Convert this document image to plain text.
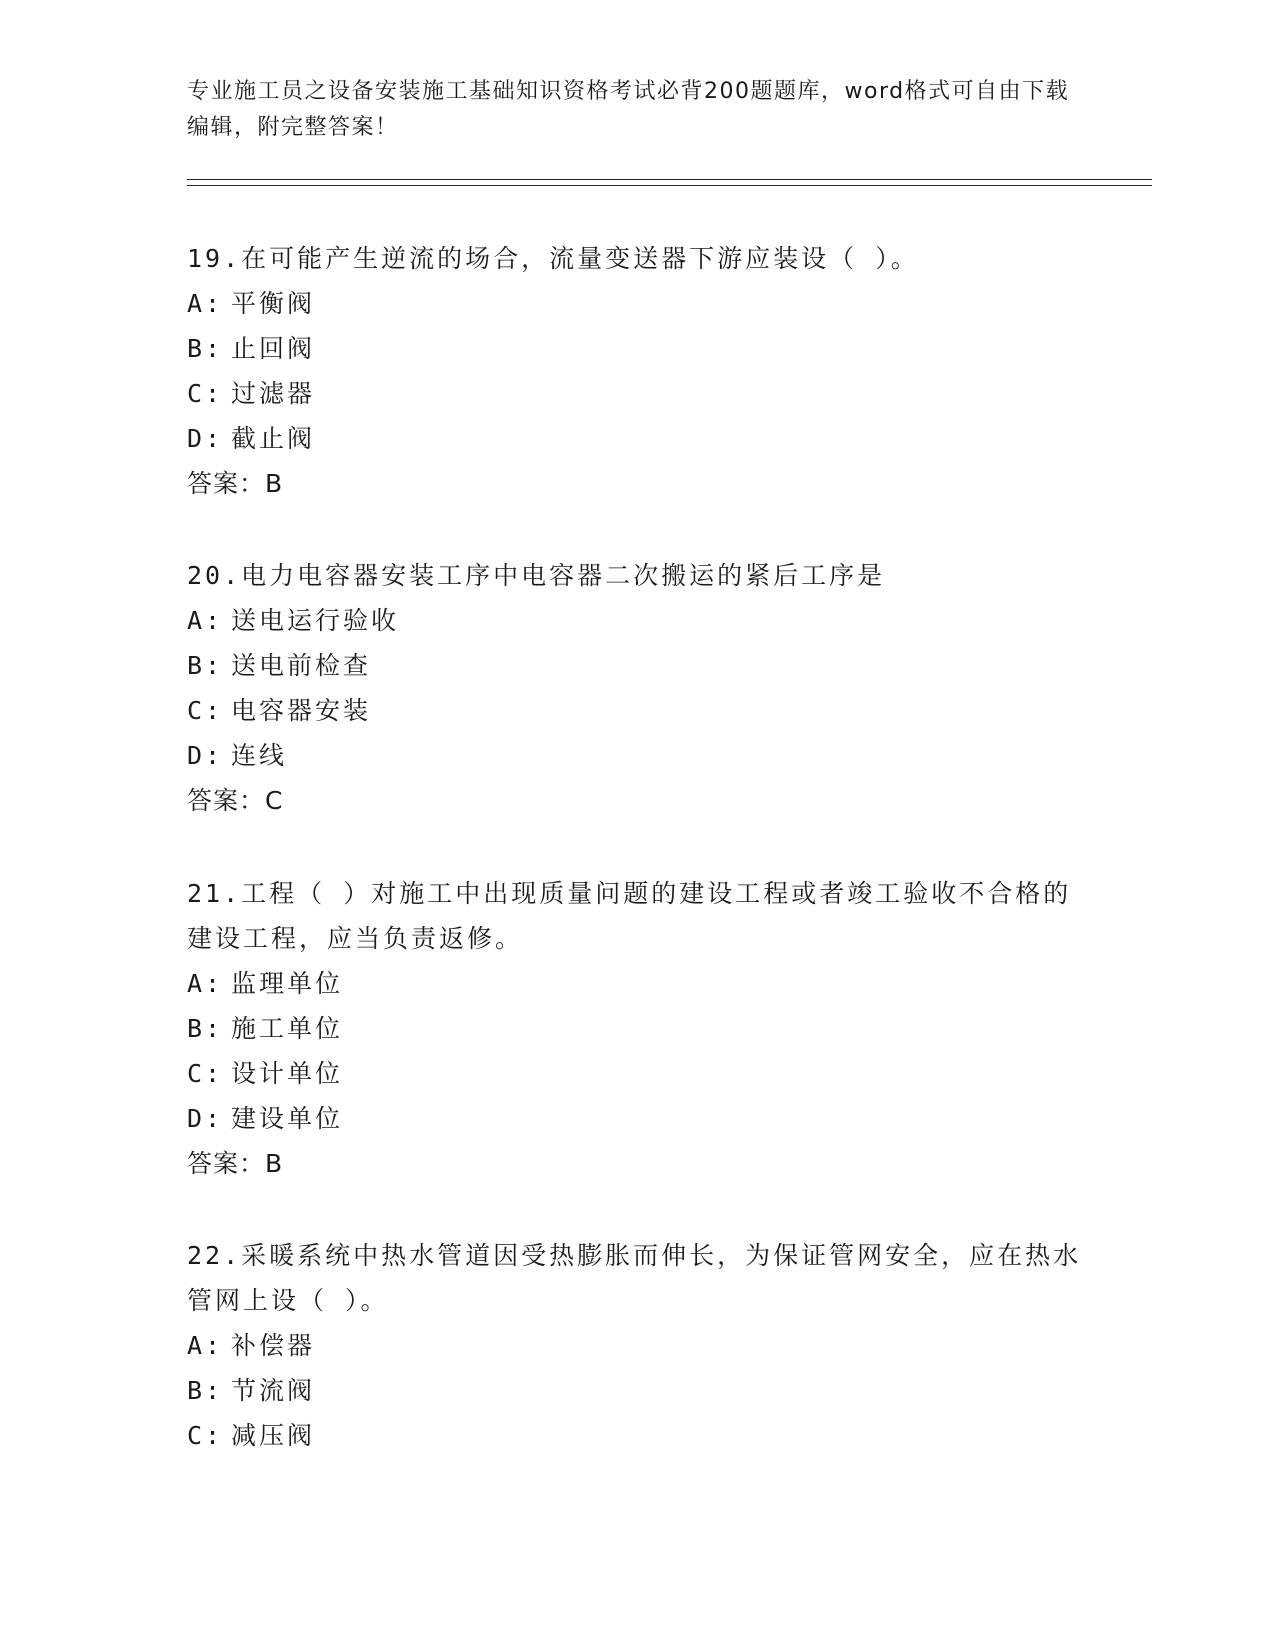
专业施工员之设备安装施工基础知识资格考试必背200题题库，word格式可自由下载编辑，附完整答案！
19.在可能产生逆流的场合，流量变送器下游应装设（ ）。
A: 平衡阀
B: 止回阀
C: 过滤器
D: 截止阀
答案：B
20.电力电容器安装工序中电容器二次搬运的紧后工序是
A: 送电运行验收
B: 送电前检查
C: 电容器安装
D: 连线
答案：C
21.工程（ ）对施工中出现质量问题的建设工程或者竣工验收不合格的建设工程，应当负责返修。
A: 监理单位
B: 施工单位
C: 设计单位
D: 建设单位
答案：B
22.采暖系统中热水管道因受热膨胀而伸长，为保证管网安全，应在热水管网上设（ ）。
A: 补偿器
B: 节流阀
C: 减压阀
